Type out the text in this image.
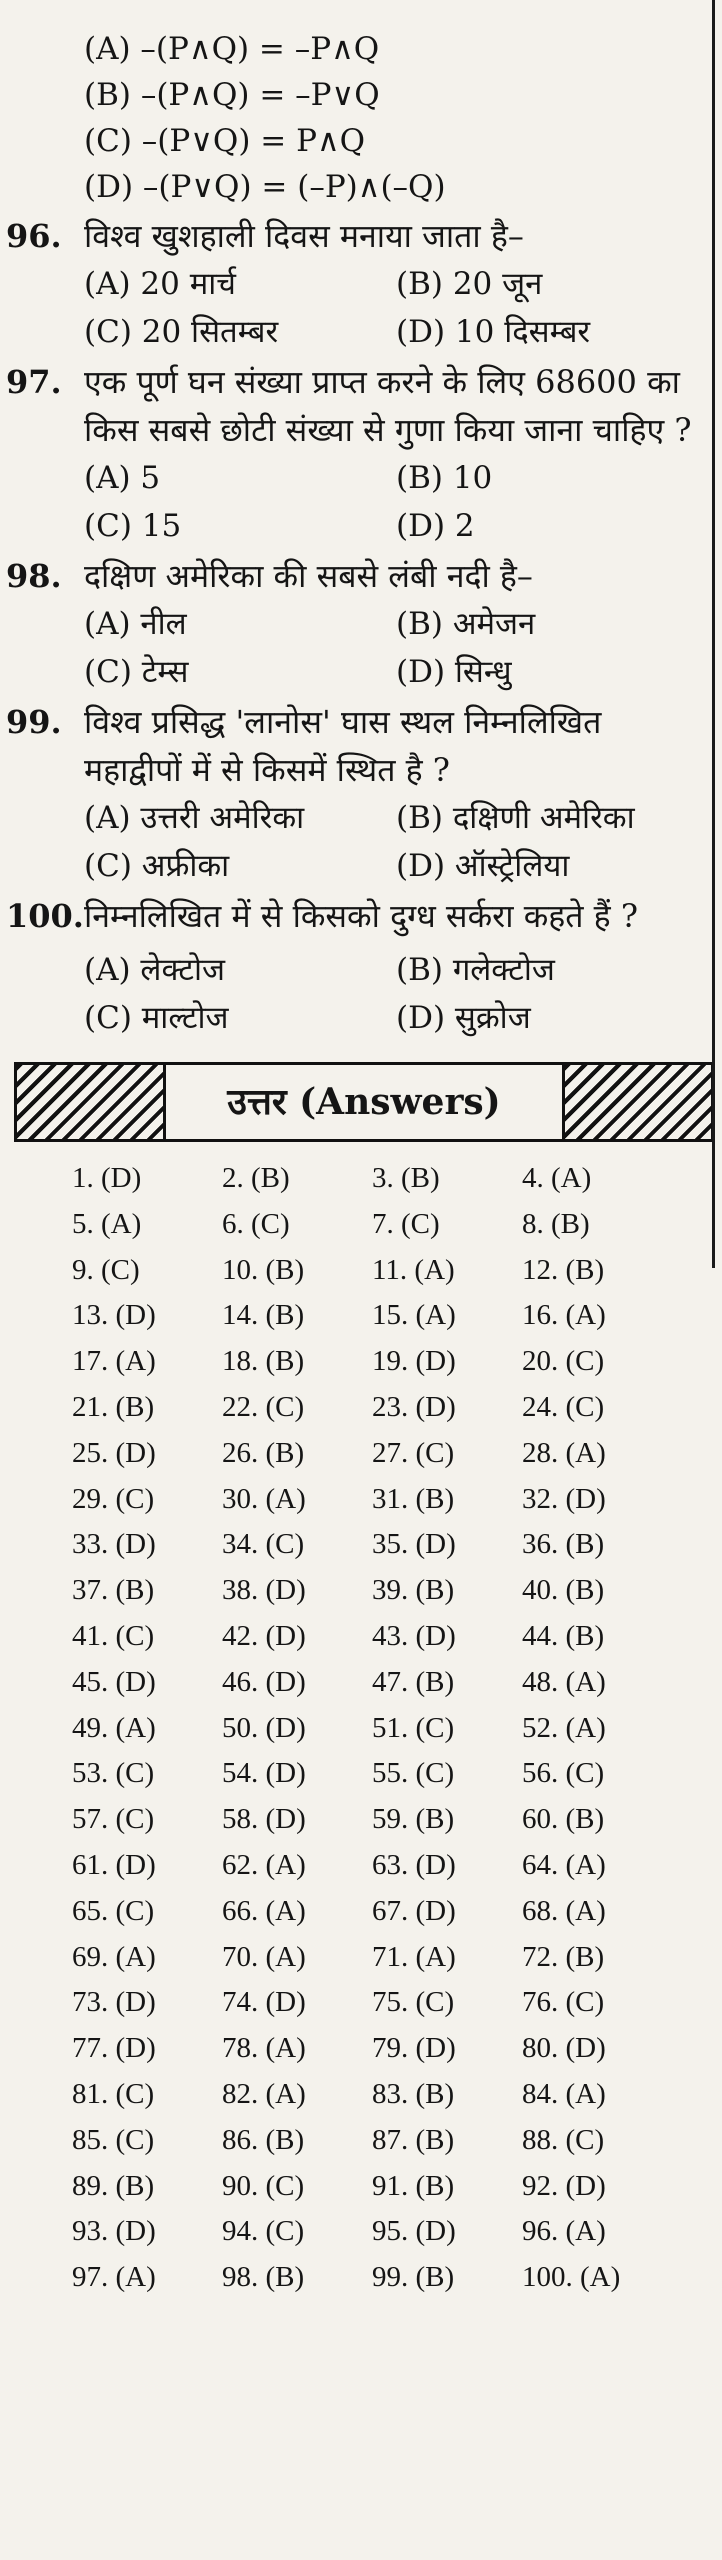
(A) –(P∧Q) = –P∧Q
(B) –(P∧Q) = –P∨Q
(C) –(P∨Q) = P∧Q
(D) –(P∨Q) = (–P)∧(–Q)
96. विश्व खुशहाली दिवस मनाया जाता है–
(A) 20 मार्च	(B) 20 जून
(C) 20 सितम्बर	(D) 10 दिसम्बर
97. एक पूर्ण घन संख्या प्राप्त करने के लिए 68600 का किस सबसे छोटी संख्या से गुणा किया जाना चाहिए ?
(A) 5	(B) 10
(C) 15	(D) 2
98. दक्षिण अमेरिका की सबसे लंबी नदी है–
(A) नील	(B) अमेजन
(C) टेम्स	(D) सिन्धु
99. विश्व प्रसिद्ध 'लानोस' घास स्थल निम्नलिखित महाद्वीपों में से किसमें स्थित है ?
(A) उत्तरी अमेरिका	(B) दक्षिणी अमेरिका
(C) अफ्रीका	(D) ऑस्ट्रेलिया
100. निम्नलिखित में से किसको दुग्ध सर्करा कहते हैं ?
(A) लेक्टोज	(B) गलेक्टोज
(C) माल्टोज	(D) सुक्रोज
उत्तर (Answers)
1. (D)	2. (B)	3. (B)	4. (A)
5. (A)	6. (C)	7. (C)	8. (B)
9. (C)	10. (B)	11. (A)	12. (B)
13. (D)	14. (B)	15. (A)	16. (A)
17. (A)	18. (B)	19. (D)	20. (C)
21. (B)	22. (C)	23. (D)	24. (C)
25. (D)	26. (B)	27. (C)	28. (A)
29. (C)	30. (A)	31. (B)	32. (D)
33. (D)	34. (C)	35. (D)	36. (B)
37. (B)	38. (D)	39. (B)	40. (B)
41. (C)	42. (D)	43. (D)	44. (B)
45. (D)	46. (D)	47. (B)	48. (A)
49. (A)	50. (D)	51. (C)	52. (A)
53. (C)	54. (D)	55. (C)	56. (C)
57. (C)	58. (D)	59. (B)	60. (B)
61. (D)	62. (A)	63. (D)	64. (A)
65. (C)	66. (A)	67. (D)	68. (A)
69. (A)	70. (A)	71. (A)	72. (B)
73. (D)	74. (D)	75. (C)	76. (C)
77. (D)	78. (A)	79. (D)	80. (D)
81. (C)	82. (A)	83. (B)	84. (A)
85. (C)	86. (B)	87. (B)	88. (C)
89. (B)	90. (C)	91. (B)	92. (D)
93. (D)	94. (C)	95. (D)	96. (A)
97. (A)	98. (B)	99. (B)	100. (A)
